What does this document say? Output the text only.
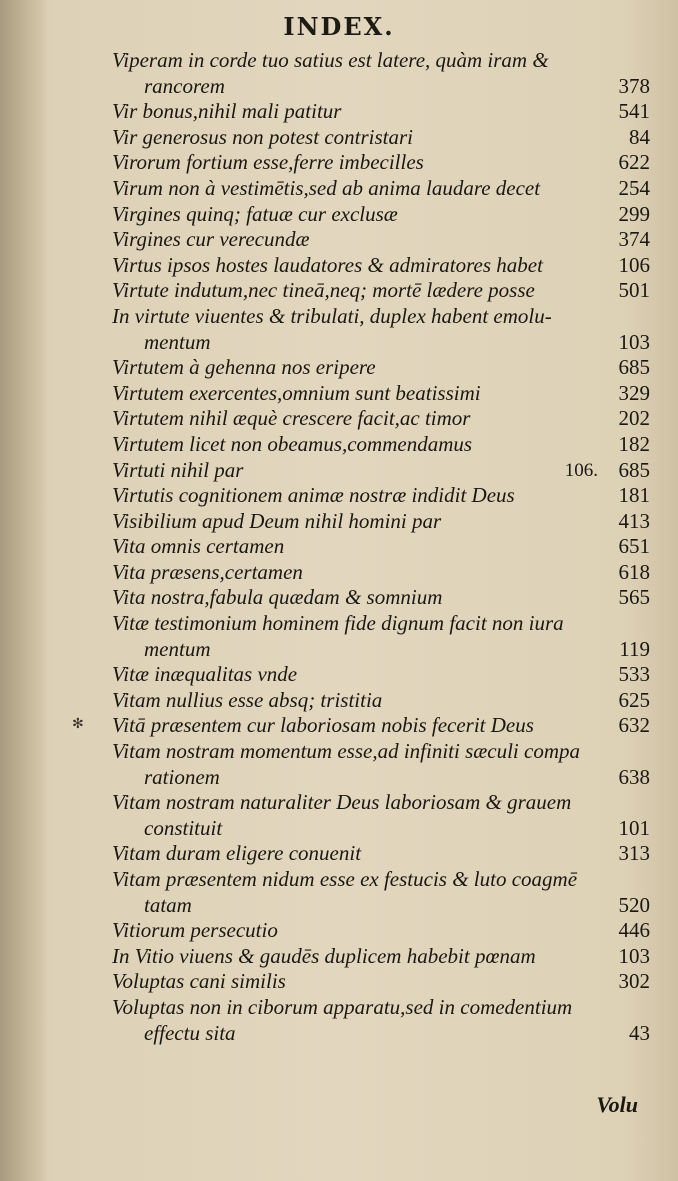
INDEX.
✻
Viperam in corde tuo satius est latere, quàm iram &
rancorem	378
Vir bonus,nihil mali patitur	541
Vir generosus non potest contristari	84
Virorum fortium esse,ferre imbecilles	622
Virum non à vestimētis,sed ab anima laudare decet	254
Virgines quinq; fatuæ cur exclusæ	299
Virgines cur verecundæ	374
Virtus ipsos hostes laudatores & admiratores habet	106
Virtute indutum,nec tineā,neq; mortē lædere posse	501
In virtute viuentes & tribulati, duplex habent emolu-
mentum	103
Virtutem à gehenna nos eripere	685
Virtutem exercentes,omnium sunt beatissimi	329
Virtutem nihil æquè crescere facit,ac timor	202
Virtutem licet non obeamus,commendamus	182
Virtuti nihil par	106. 685
Virtutis cognitionem animæ nostræ indidit Deus	181
Visibilium apud Deum nihil homini par	413
Vita omnis certamen	651
Vita præsens,certamen	618
Vita nostra,fabula quædam & somnium	565
Vitæ testimonium hominem fide dignum facit non iura
mentum	119
Vitæ inæqualitas vnde	533
Vitam nullius esse absq; tristitia	625
Vitā præsentem cur laboriosam nobis fecerit Deus	632
Vitam nostram momentum esse,ad infiniti sæculi compa
rationem	638
Vitam nostram naturaliter Deus laboriosam & grauem
constituit	101
Vitam duram eligere conuenit	313
Vitam præsentem nidum esse ex festucis & luto coagmē
tatam	520
Vitiorum persecutio	446
In Vitio viuens & gaudēs duplicem habebit pœnam	103
Voluptas cani similis	302
Voluptas non in ciborum apparatu,sed in comedentium
effectu sita	43
Volu
